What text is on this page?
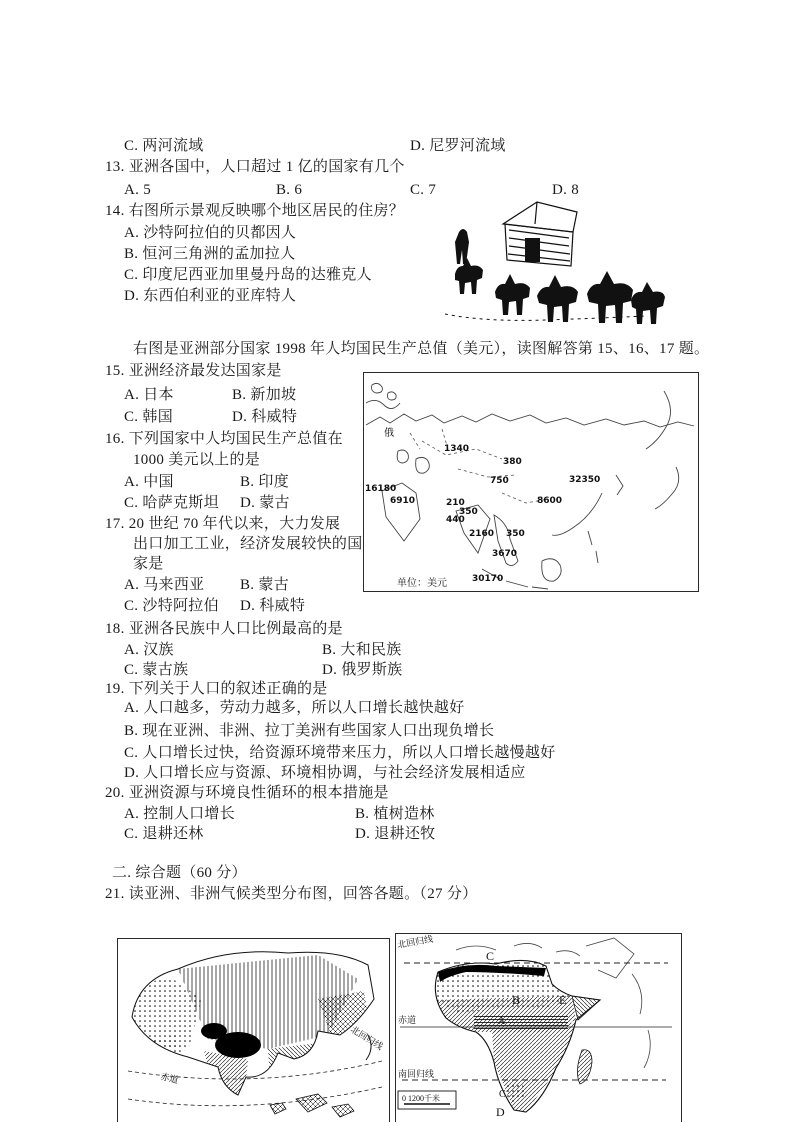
C. 两河流域	D. 尼罗河流域
13. 亚洲各国中，人口超过 1 亿的国家有几个
A. 5	B. 6	C. 7	D. 8
14. 右图所示景观反映哪个地区居民的住房？
A. 沙特阿拉伯的贝都因人
B. 恒河三角洲的孟加拉人
C. 印度尼西亚加里曼丹岛的达雅克人
D. 东西伯利亚的亚库特人
右图是亚洲部分国家 1998 年人均国民生产总值（美元），读图解答第 15、16、17 题。
15. 亚洲经济最发达国家是
A. 日本	B. 新加坡
C. 韩国	D. 科威特
16. 下列国家中人均国民生产总值在
1000 美元以上的是
A. 中国	B. 印度
C. 哈萨克斯坦 D. 蒙古
17. 20 世纪 70 年代以来，大力发展
出口加工工业，经济发展较快的国
家是
A. 马来西亚 B. 蒙古
C. 沙特阿拉伯 D. 科威特
18. 亚洲各民族中人口比例最高的是
A. 汉族	B. 大和民族
C. 蒙古族	D. 俄罗斯族
19. 下列关于人口的叙述正确的是
A. 人口越多，劳动力越多，所以人口增长越快越好
B. 现在亚洲、非洲、拉丁美洲有些国家人口出现负增长
C. 人口增长过快，给资源环境带来压力，所以人口增长越慢越好
D. 人口增长应与资源、环境相协调，与社会经济发展相适应
20. 亚洲资源与环境良性循环的根本措施是
A. 控制人口增长	B. 植树造林
C. 退耕还林	D. 退耕还牧
二. 综合题（60 分）
21. 读亚洲、非洲气候类型分布图，回答各题。（27 分）
16180
6910
1340
380
750	32350
8600
210
350
440
2160 350
3670
30170
俄
单位：美元
北回归线
赤道
北回归线
赤道
南回归线
C
B	E
A
C
D
0 1200千米
